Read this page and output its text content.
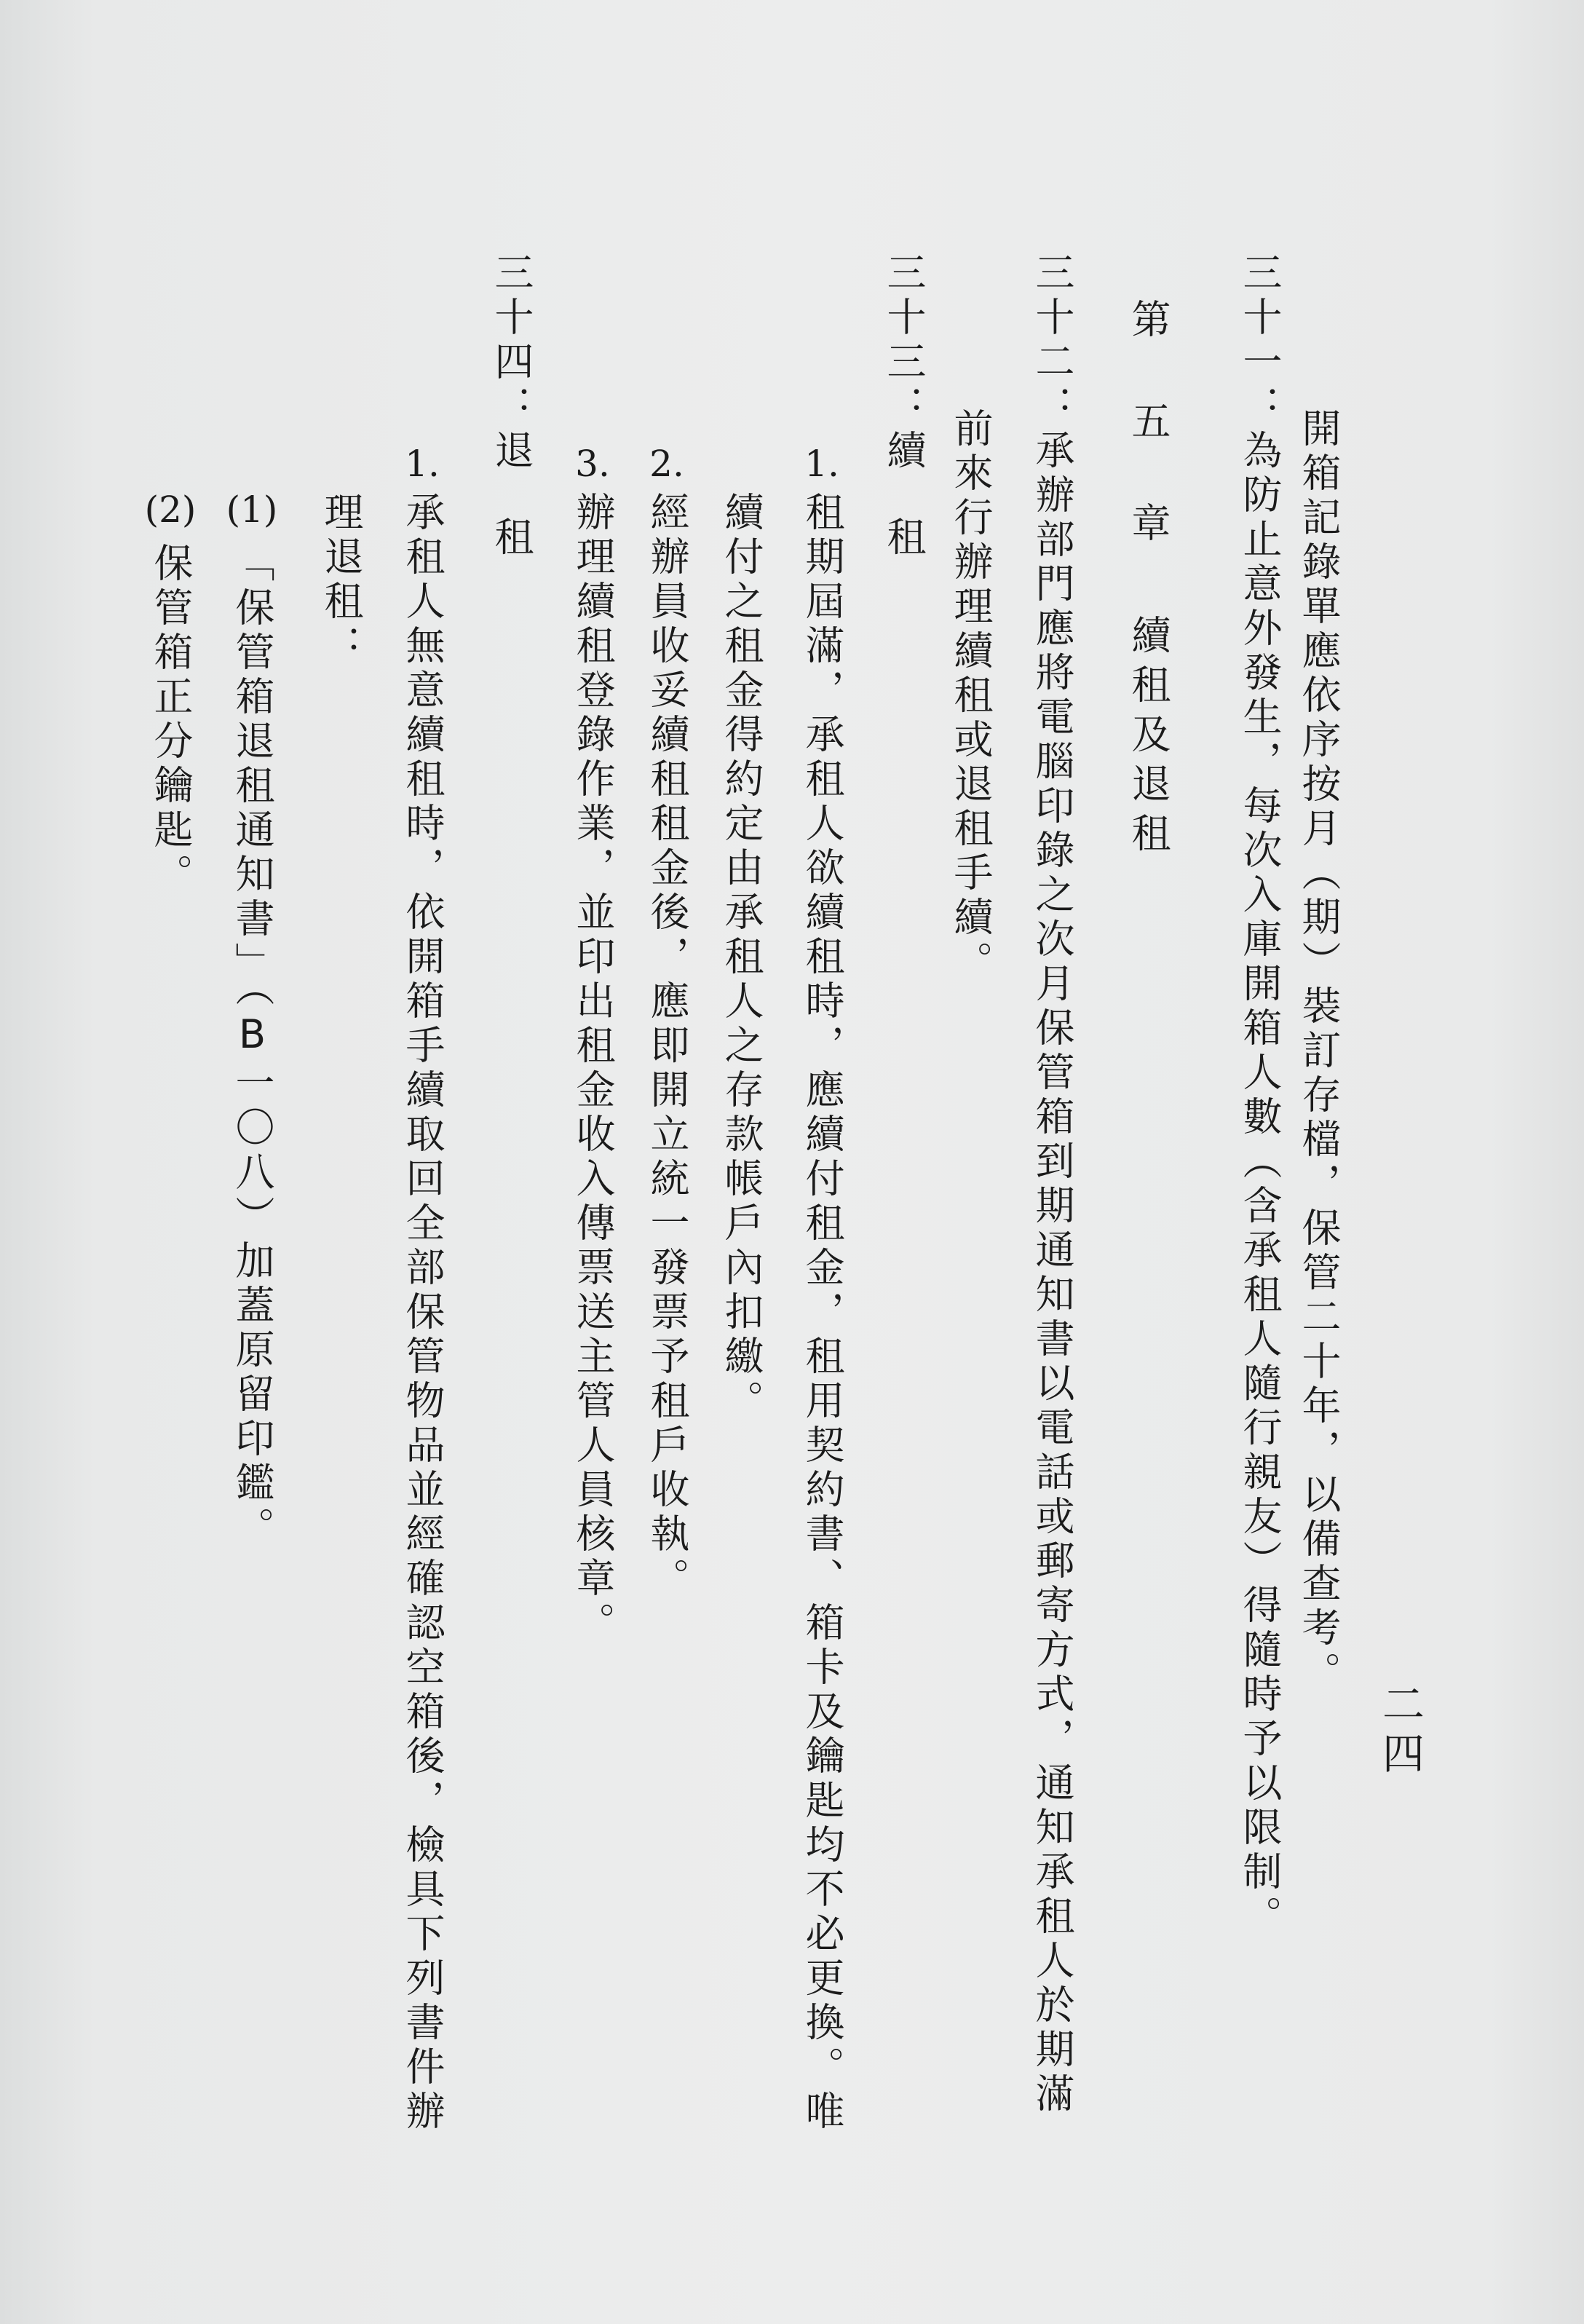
二四
開箱記錄單應依序按月（期）裝訂存檔，保管二十年，以備查考。
三十一：為防止意外發生，每次入庫開箱人數（含承租人隨行親友）得隨時予以限制。
第五章續租及退租
三十二：承辦部門應將電腦印錄之次月保管箱到期通知書以電話或郵寄方式，通知承租人於期滿
前來行辦理續租或退租手續。
三十三：續租
1.
租期屆滿，承租人欲續租時，應續付租金，租用契約書、箱卡及鑰匙均不必更換。唯
續付之租金得約定由承租人之存款帳戶內扣繳。
2.
經辦員收妥續租租金後，應即開立統一發票予租戶收執。
3.
辦理續租登錄作業，並印出租金收入傳票送主管人員核章。
三十四：退租
1.
承租人無意續租時，依開箱手續取回全部保管物品並經確認空箱後，檢具下列書件辦
理退租：
(1)
「保管箱退租通知書」（B一〇八）加蓋原留印鑑。
(2)
保管箱正分鑰匙。
